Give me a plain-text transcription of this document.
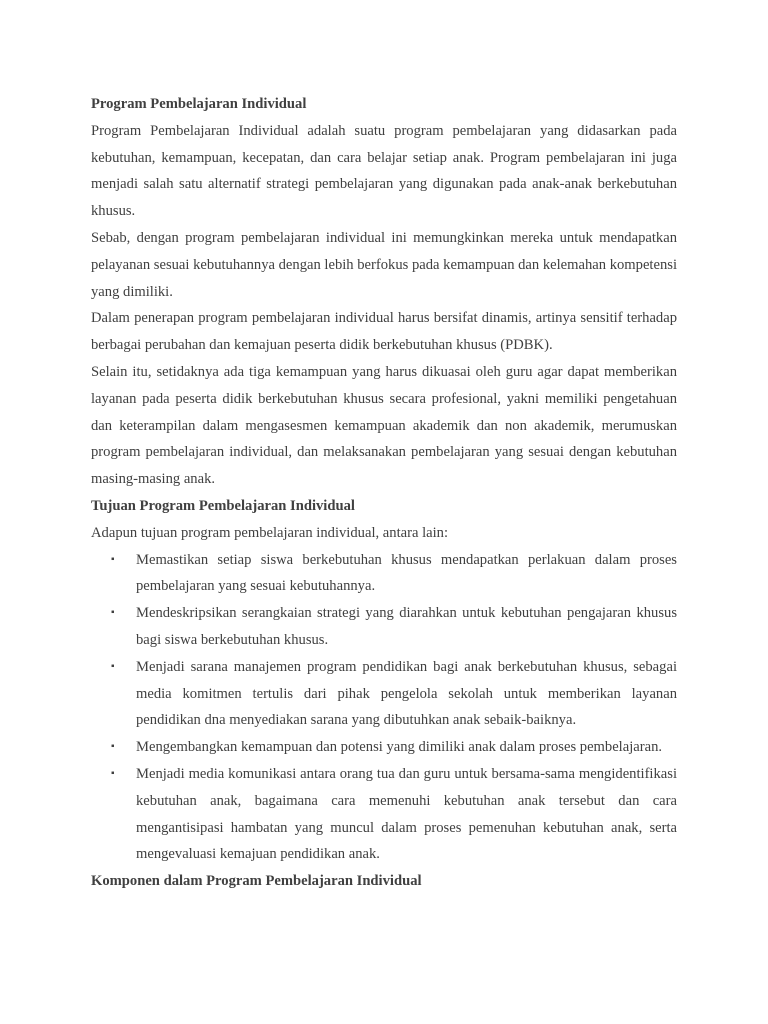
Program Pembelajaran Individual

Program Pembelajaran Individual adalah suatu program pembelajaran yang didasarkan pada kebutuhan, kemampuan, kecepatan, dan cara belajar setiap anak. Program pembelajaran ini juga menjadi salah satu alternatif strategi pembelajaran yang digunakan pada anak-anak berkebutuhan khusus.

Sebab, dengan program pembelajaran individual ini memungkinkan mereka untuk mendapatkan pelayanan sesuai kebutuhannya dengan lebih berfokus pada kemampuan dan kelemahan kompetensi yang dimiliki.

Dalam penerapan program pembelajaran individual harus bersifat dinamis, artinya sensitif terhadap berbagai perubahan dan kemajuan peserta didik berkebutuhan khusus (PDBK).

Selain itu, setidaknya ada tiga kemampuan yang harus dikuasai oleh guru agar dapat memberikan layanan pada peserta didik berkebutuhan khusus secara profesional, yakni memiliki pengetahuan dan keterampilan dalam mengasesmen kemampuan akademik dan non akademik, merumuskan program pembelajaran individual, dan melaksanakan pembelajaran yang sesuai dengan kebutuhan masing-masing anak.

Tujuan Program Pembelajaran Individual

Adapun tujuan program pembelajaran individual, antara lain:

▪ Memastikan setiap siswa berkebutuhan khusus mendapatkan perlakuan dalam proses pembelajaran yang sesuai kebutuhannya.
▪ Mendeskripsikan serangkaian strategi yang diarahkan untuk kebutuhan pengajaran khusus bagi siswa berkebutuhan khusus.
▪ Menjadi sarana manajemen program pendidikan bagi anak berkebutuhan khusus, sebagai media komitmen tertulis dari pihak pengelola sekolah untuk memberikan layanan pendidikan dna menyediakan sarana yang dibutuhkan anak sebaik-baiknya.
▪ Mengembangkan kemampuan dan potensi yang dimiliki anak dalam proses pembelajaran.
▪ Menjadi media komunikasi antara orang tua dan guru untuk bersama-sama mengidentifikasi kebutuhan anak, bagaimana cara memenuhi kebutuhan anak tersebut dan cara mengantisipasi hambatan yang muncul dalam proses pemenuhan kebutuhan anak, serta mengevaluasi kemajuan pendidikan anak.

Komponen dalam Program Pembelajaran Individual
